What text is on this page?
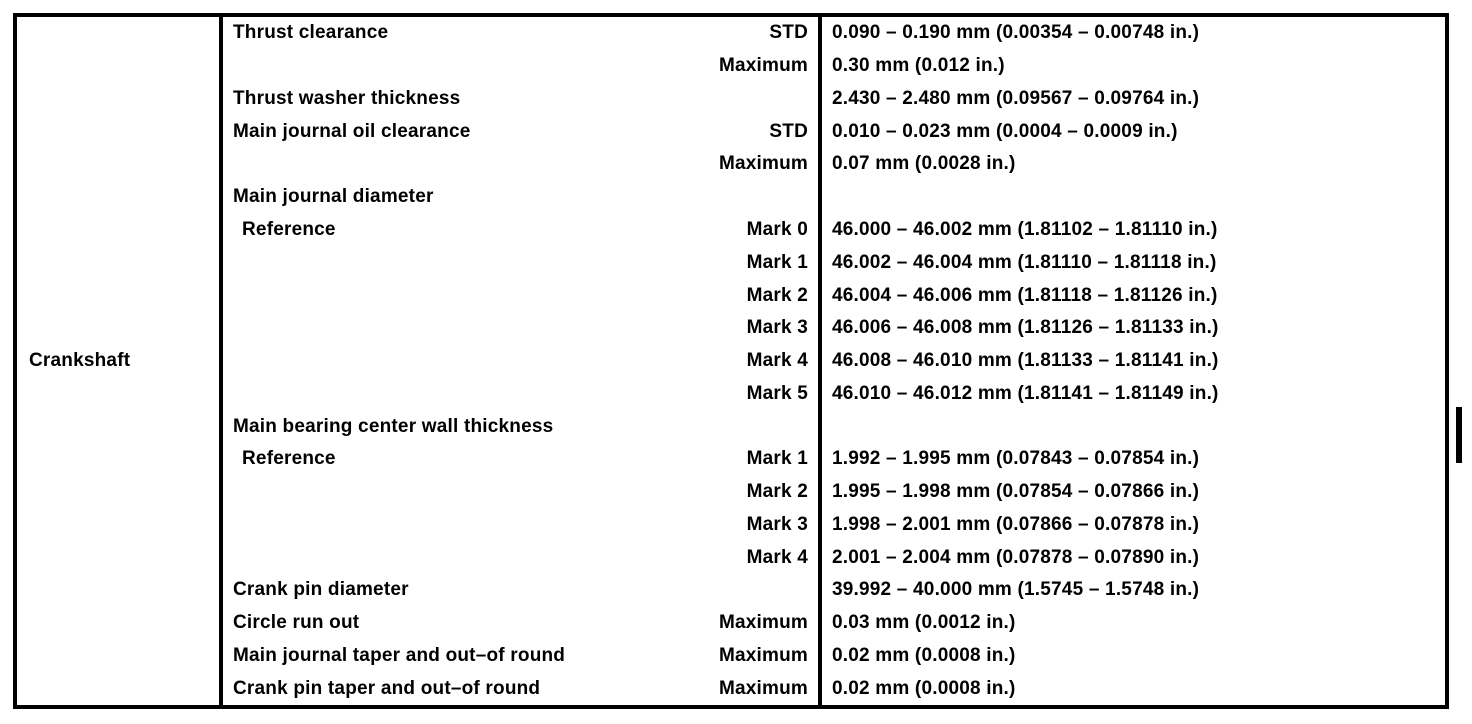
Crankshaft
Thrust clearance	STD 0.090 – 0.190 mm (0.00354 – 0.00748 in.)
Maximum 0.30 mm (0.012 in.)
Thrust washer thickness	2.430 – 2.480 mm (0.09567 – 0.09764 in.)
Main journal oil clearance	STD 0.010 – 0.023 mm (0.0004 – 0.0009 in.)
Maximum 0.07 mm (0.0028 in.)
Main journal diameter
Reference	Mark 0 46.000 – 46.002 mm (1.81102 – 1.81110 in.)
Mark 1 46.002 – 46.004 mm (1.81110 – 1.81118 in.)
Mark 2 46.004 – 46.006 mm (1.81118 – 1.81126 in.)
Mark 3 46.006 – 46.008 mm (1.81126 – 1.81133 in.)
Mark 4 46.008 – 46.010 mm (1.81133 – 1.81141 in.)
Mark 5 46.010 – 46.012 mm (1.81141 – 1.81149 in.)
Main bearing center wall thickness
Reference	Mark 1 1.992 – 1.995 mm (0.07843 – 0.07854 in.)
Mark 2 1.995 – 1.998 mm (0.07854 – 0.07866 in.)
Mark 3 1.998 – 2.001 mm (0.07866 – 0.07878 in.)
Mark 4 2.001 – 2.004 mm (0.07878 – 0.07890 in.)
Crank pin diameter	39.992 – 40.000 mm (1.5745 – 1.5748 in.)
Circle run out	Maximum 0.03 mm (0.0012 in.)
Main journal taper and out–of round	Maximum 0.02 mm (0.0008 in.)
Crank pin taper and out–of round	Maximum 0.02 mm (0.0008 in.)
